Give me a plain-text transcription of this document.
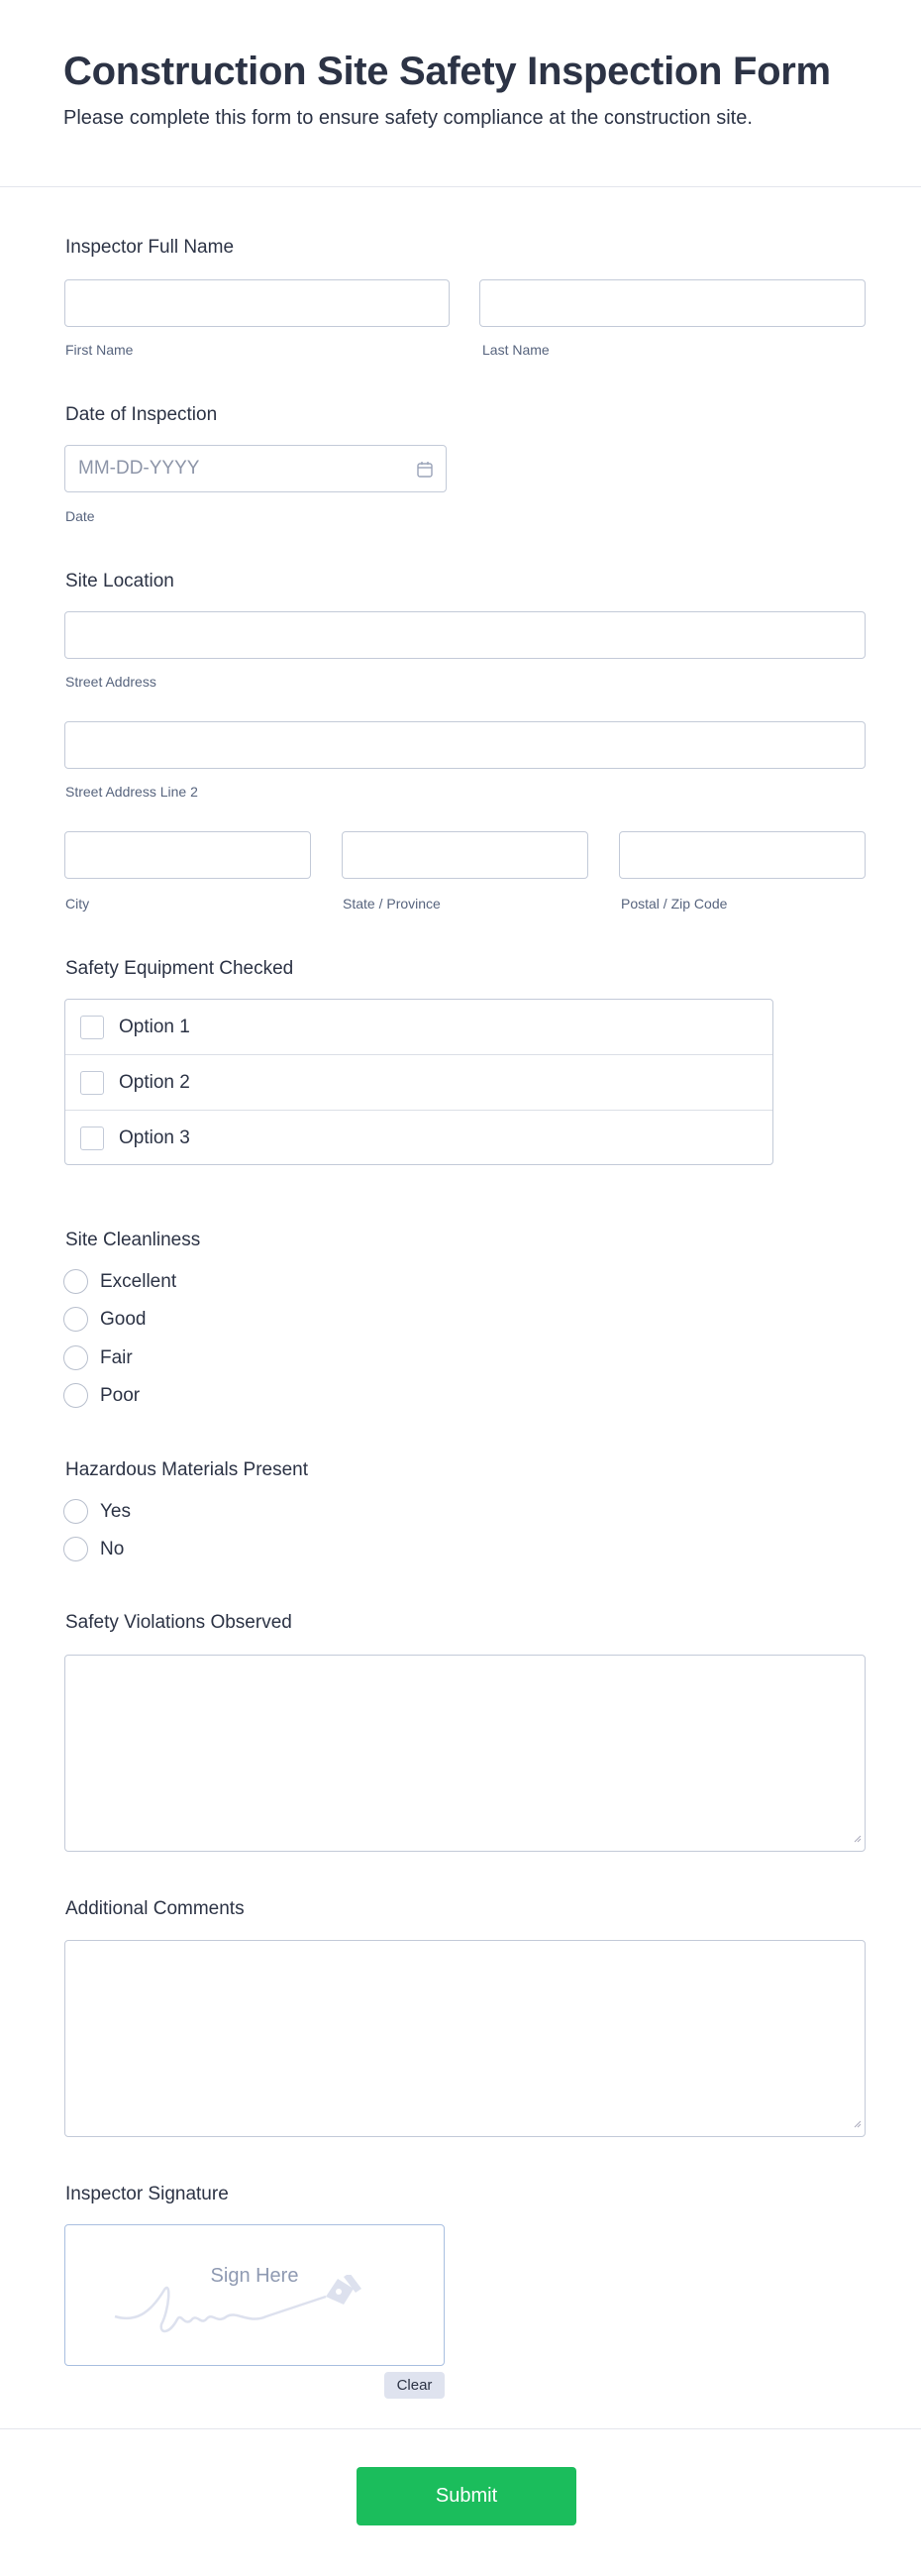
Construction Site Safety Inspection Form
Please complete this form to ensure safety compliance at the construction site.
Inspector Full Name
First Name	Last Name
Date of Inspection
MM-DD-YYYY
Date
Site Location
Street Address
Street Address Line 2
City	State / Province	Postal / Zip Code
Safety Equipment Checked
Option 1
Option 2
Option 3
Site Cleanliness
Excellent
Good
Fair
Poor
Hazardous Materials Present
Yes
No
Safety Violations Observed
Additional Comments
Inspector Signature
Sign Here
Clear
Submit
